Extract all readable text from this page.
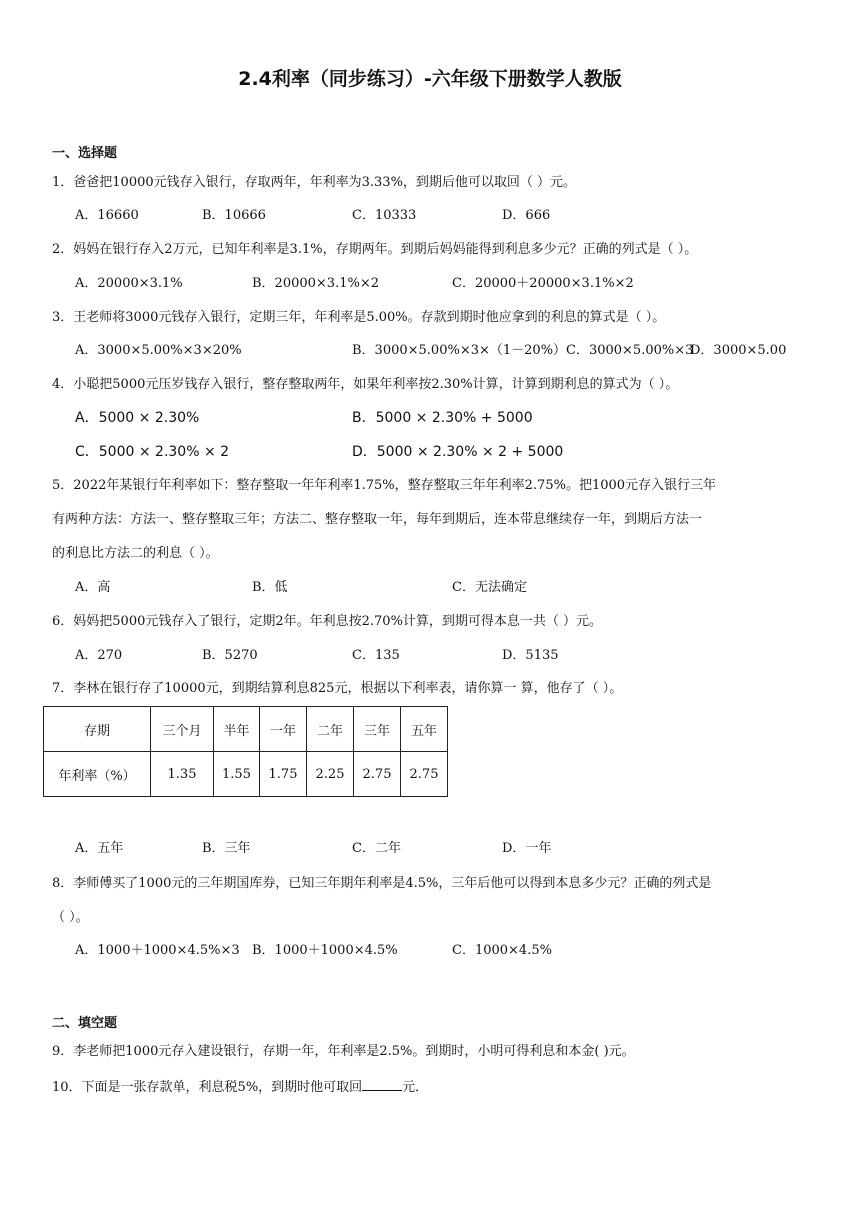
2.4利率（同步练习）-六年级下册数学人教版
一、选择题
1．爸爸把10000元钱存入银行，存取两年，年利率为3.33%，到期后他可以取回（ ）元。
A．16660	B．10666	C．10333	D．666
2．妈妈在银行存入2万元，已知年利率是3.1%，存期两年。到期后妈妈能得到利息多少元？正确的列式是（ ）。
A．20000×3.1%	B．20000×3.1%×2	C．20000＋20000×3.1%×2
3．王老师将3000元钱存入银行，定期三年，年利率是5.00%。存款到期时他应拿到的利息的算式是（ ）。
A．3000×5.00%×3×20%	B．3000×5.00%×3×（1－20%） C．3000×5.00%×3
D．3000×5.00
4．小聪把5000元压岁钱存入银行，整存整取两年，如果年利率按2.30%计算，计算到期利息的算式为（ ）。
A．5000 × 2.30%	B．5000 × 2.30% + 5000
C．5000 × 2.30% × 2	D．5000 × 2.30% × 2 + 5000
5．2022年某银行年利率如下：整存整取一年年利率1.75%，整存整取三年年利率2.75%。把1000元存入银行三年
有两种方法：方法一、整存整取三年；方法二、整存整取一年，每年到期后，连本带息继续存一年，到期后方法一
的利息比方法二的利息（ ）。
A．高	B．低	C．无法确定
6．妈妈把5000元钱存入了银行，定期2年。年利息按2.70%计算，到期可得本息一共（ ）元。
A．270	B．5270	C．135	D．5135
7．李林在银行存了10000元，到期结算利息825元，根据以下利率表，请你算一 算，他存了（ ）。
存期	三个月	半年	一年	二年	三年	五年
年利率（%）	1.35	1.55	1.75	2.25	2.75	2.75
A．五年	B．三年	C．二年	D．一年
8．李师傅买了1000元的三年期国库券，已知三年期年利率是4.5%，三年后他可以得到本息多少元？正确的列式是
（ ）。
A．1000＋1000×4.5%×3 B．1000＋1000×4.5%	C．1000×4.5%
二、填空题
9．李老师把1000元存入建设银行，存期一年，年利率是2.5%。到期时，小明可得利息和本金( )元。
10．下面是一张存款单，利息税5%，到期时他可取回	元．
